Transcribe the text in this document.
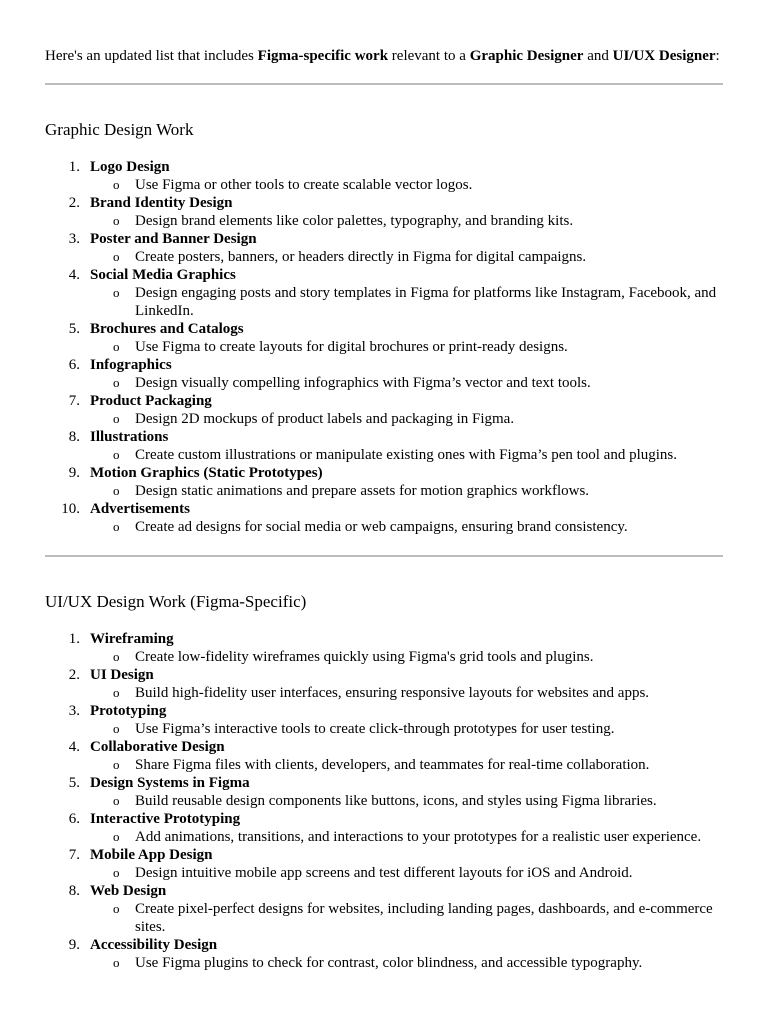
Here's an updated list that includes Figma-specific work relevant to a Graphic Designer and UI/UX Designer:

Graphic Design Work
1. Logo Design
o Use Figma or other tools to create scalable vector logos.
2. Brand Identity Design
o Design brand elements like color palettes, typography, and branding kits.
3. Poster and Banner Design
o Create posters, banners, or headers directly in Figma for digital campaigns.
4. Social Media Graphics
o Design engaging posts and story templates in Figma for platforms like Instagram, Facebook, and LinkedIn.
5. Brochures and Catalogs
o Use Figma to create layouts for digital brochures or print-ready designs.
6. Infographics
o Design visually compelling infographics with Figma’s vector and text tools.
7. Product Packaging
o Design 2D mockups of product labels and packaging in Figma.
8. Illustrations
o Create custom illustrations or manipulate existing ones with Figma’s pen tool and plugins.
9. Motion Graphics (Static Prototypes)
o Design static animations and prepare assets for motion graphics workflows.
10. Advertisements
o Create ad designs for social media or web campaigns, ensuring brand consistency.
UI/UX Design Work (Figma-Specific)
1. Wireframing
o Create low-fidelity wireframes quickly using Figma's grid tools and plugins.
2. UI Design
o Build high-fidelity user interfaces, ensuring responsive layouts for websites and apps.
3. Prototyping
o Use Figma’s interactive tools to create click-through prototypes for user testing.
4. Collaborative Design
o Share Figma files with clients, developers, and teammates for real-time collaboration.
5. Design Systems in Figma
o Build reusable design components like buttons, icons, and styles using Figma libraries.
6. Interactive Prototyping
o Add animations, transitions, and interactions to your prototypes for a realistic user experience.
7. Mobile App Design
o Design intuitive mobile app screens and test different layouts for iOS and Android.
8. Web Design
o Create pixel-perfect designs for websites, including landing pages, dashboards, and e-commerce sites.
9. Accessibility Design
o Use Figma plugins to check for contrast, color blindness, and accessible typography.
